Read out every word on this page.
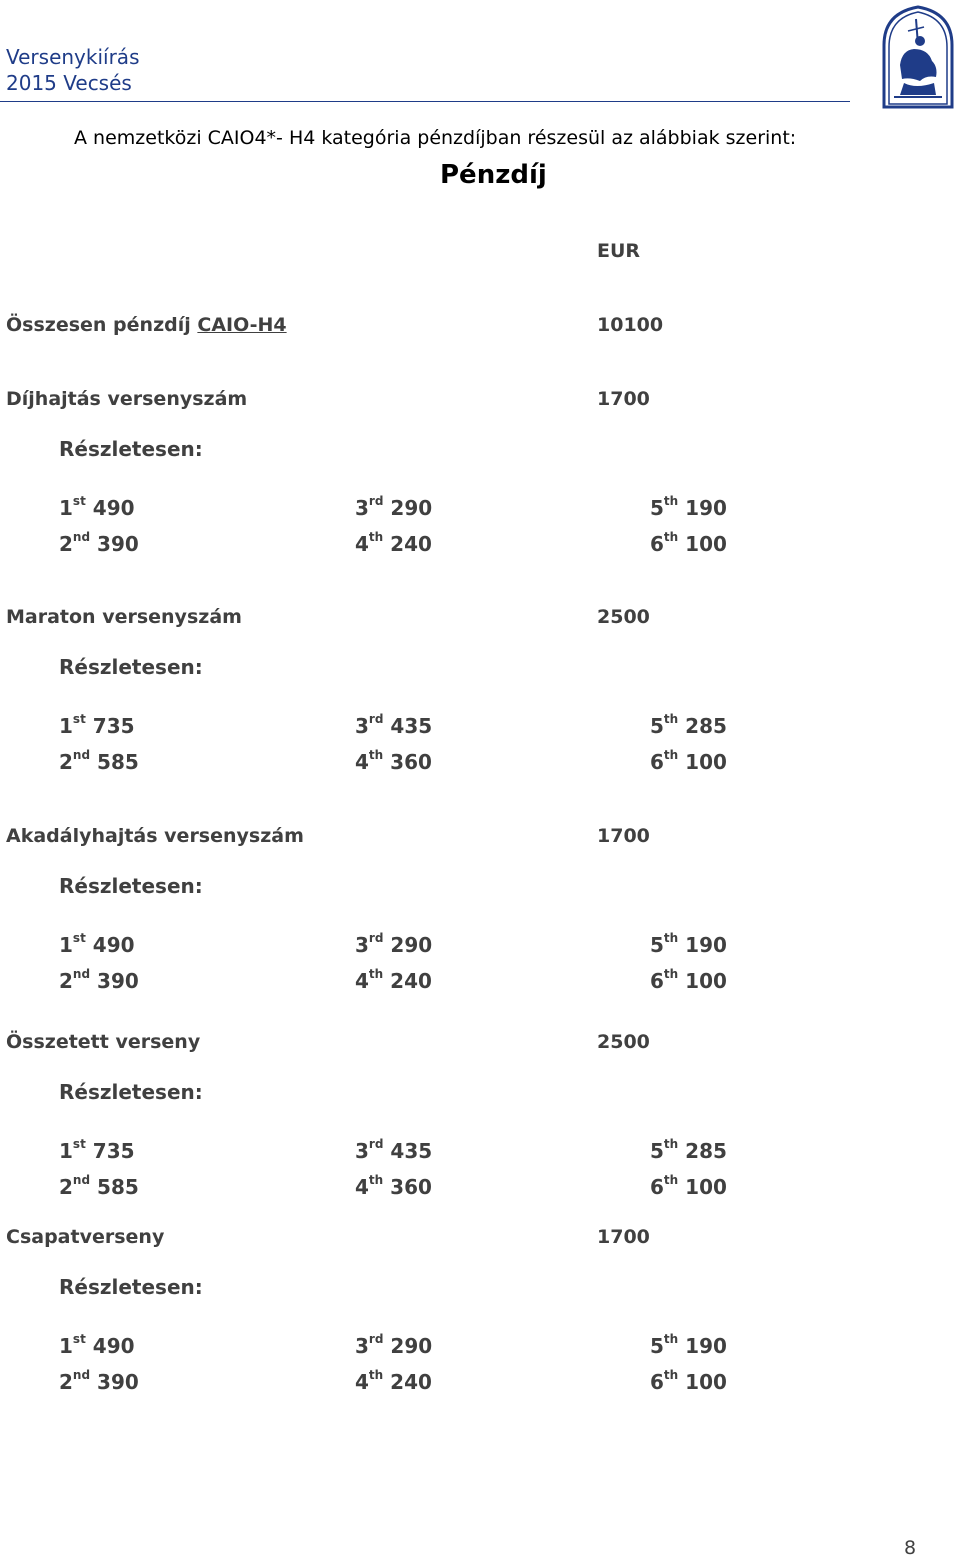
Versenykiírás
2015 Vecsés
A nemzetközi CAIO4*- H4 kategória pénzdíjban részesül az alábbiak szerint:
Pénzdíj
EUR
Összesen pénzdíj CAIO-H4	10100
Díjhajtás versenyszám	1700
Részletesen:
1st 490	3rd 290	5th 190
2nd 390	4th 240	6th 100
Maraton versenyszám	2500
Részletesen:
1st 735	3rd 435	5th 285
2nd 585	4th 360	6th 100
Akadályhajtás versenyszám	1700
Részletesen:
1st 490	3rd 290	5th 190
2nd 390	4th 240	6th 100
Összetett verseny	2500
Részletesen:
1st 735	3rd 435	5th 285
2nd 585	4th 360	6th 100
Csapatverseny	1700
Részletesen:
1st 490	3rd 290	5th 190
2nd 390	4th 240	6th 100
8
